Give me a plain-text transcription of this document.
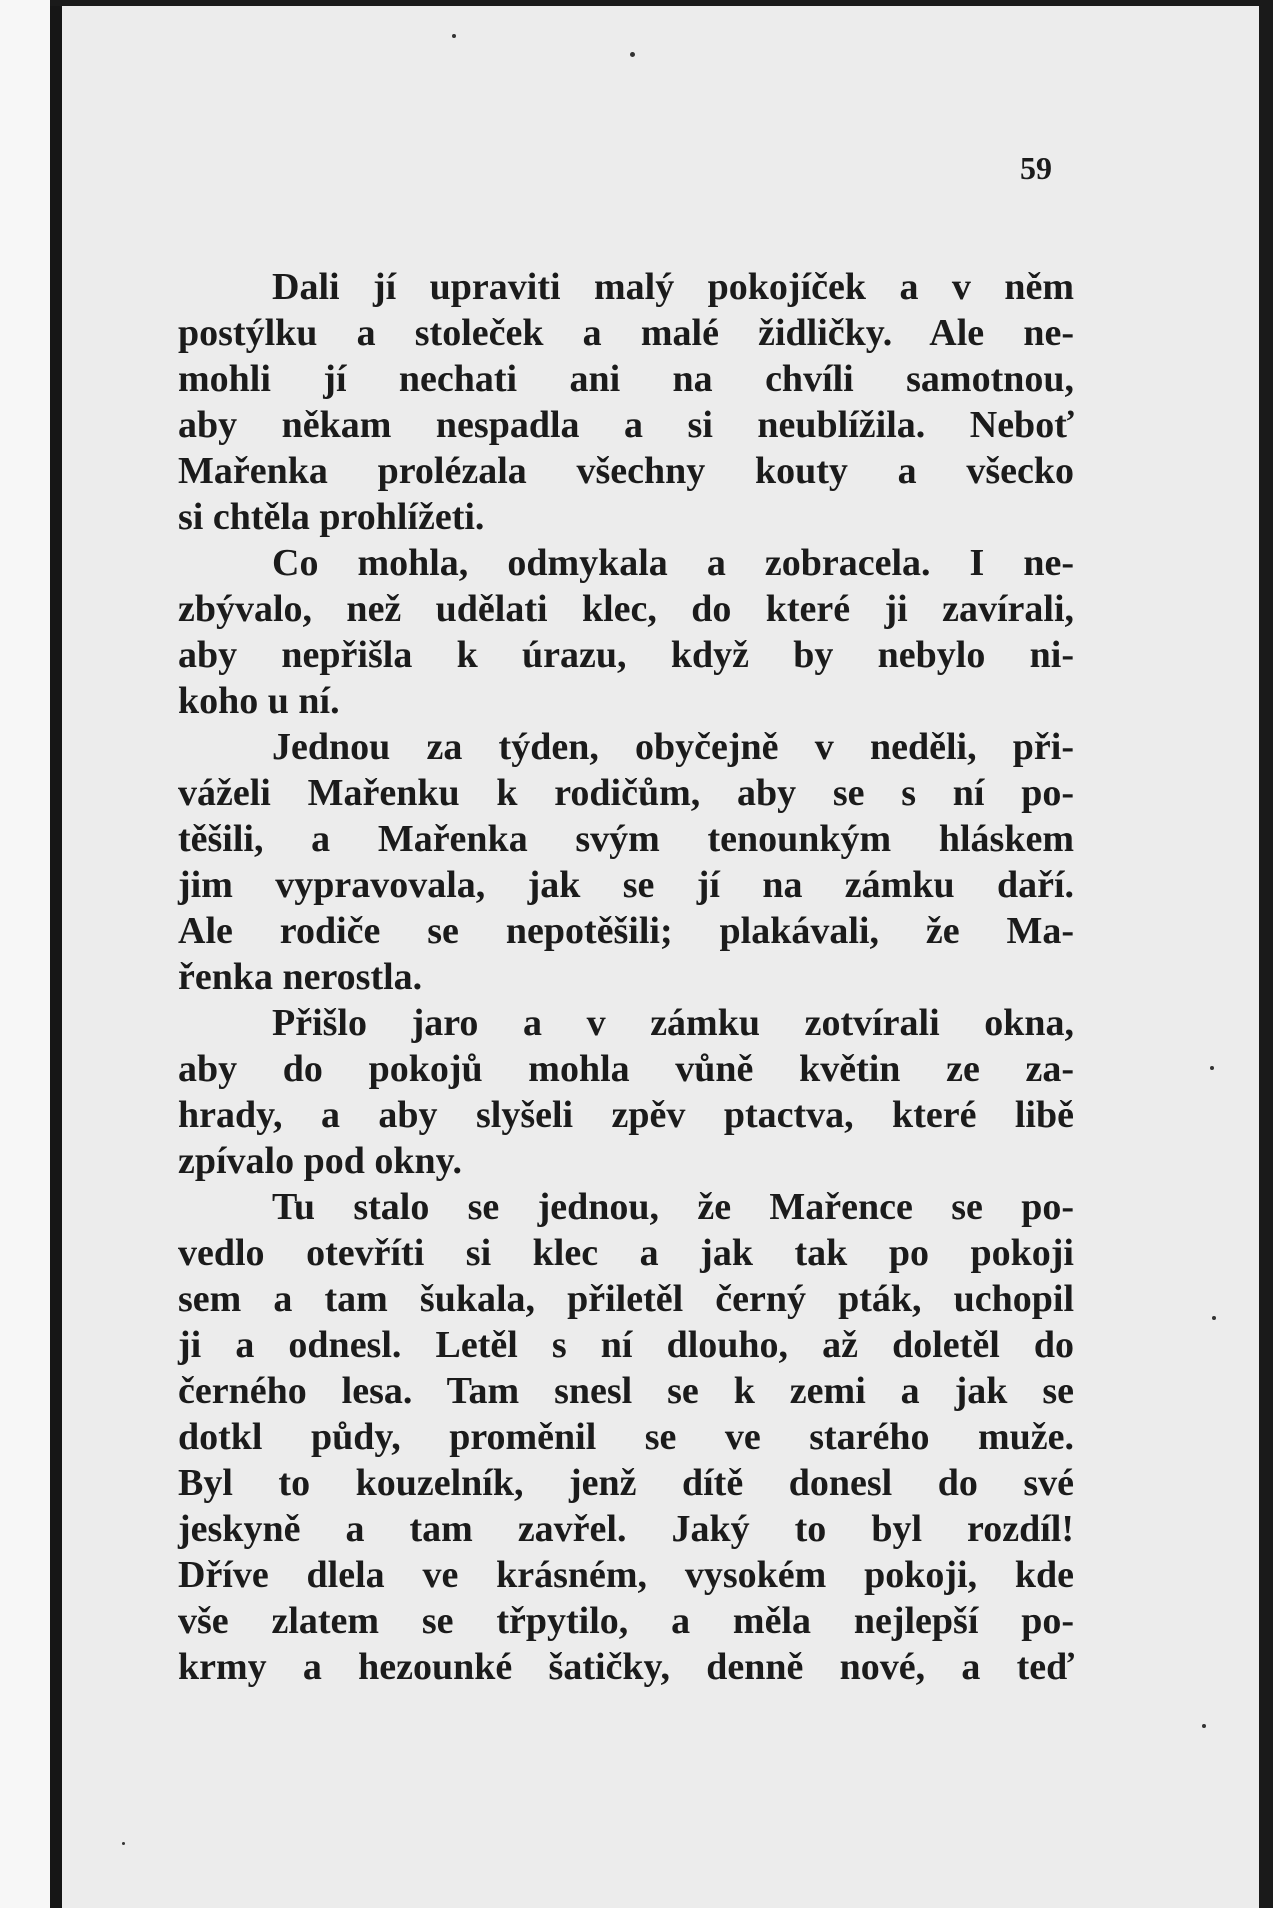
59
Dali jí upraviti malý pokojíček a v něm
postýlku a stoleček a malé židličky. Ale ne-
mohli jí nechati ani na chvíli samotnou,
aby někam nespadla a si neublížila. Neboť
Mařenka prolézala všechny kouty a všecko
si chtěla prohlížeti.
Co mohla, odmykala a zobracela. I ne-
zbývalo, než udělati klec, do které ji zavírali,
aby nepřišla k úrazu, když by nebylo ni-
koho u ní.
Jednou za týden, obyčejně v neděli, při-
váželi Mařenku k rodičům, aby se s ní po-
těšili, a Mařenka svým tenounkým hláskem
jim vypravovala, jak se jí na zámku daří.
Ale rodiče se nepotěšili; plakávali, že Ma-
řenka nerostla.
Přišlo jaro a v zámku zotvírali okna,
aby do pokojů mohla vůně květin ze za-
hrady, a aby slyšeli zpěv ptactva, které libě
zpívalo pod okny.
Tu stalo se jednou, že Mařence se po-
vedlo otevříti si klec a jak tak po pokoji
sem a tam šukala, přiletěl černý pták, uchopil
ji a odnesl. Letěl s ní dlouho, až doletěl do
černého lesa. Tam snesl se k zemi a jak se
dotkl půdy, proměnil se ve starého muže.
Byl to kouzelník, jenž dítě donesl do své
jeskyně a tam zavřel. Jaký to byl rozdíl!
Dříve dlela ve krásném, vysokém pokoji, kde
vše zlatem se třpytilo, a měla nejlepší po-
krmy a hezounké šatičky, denně nové, a teď
